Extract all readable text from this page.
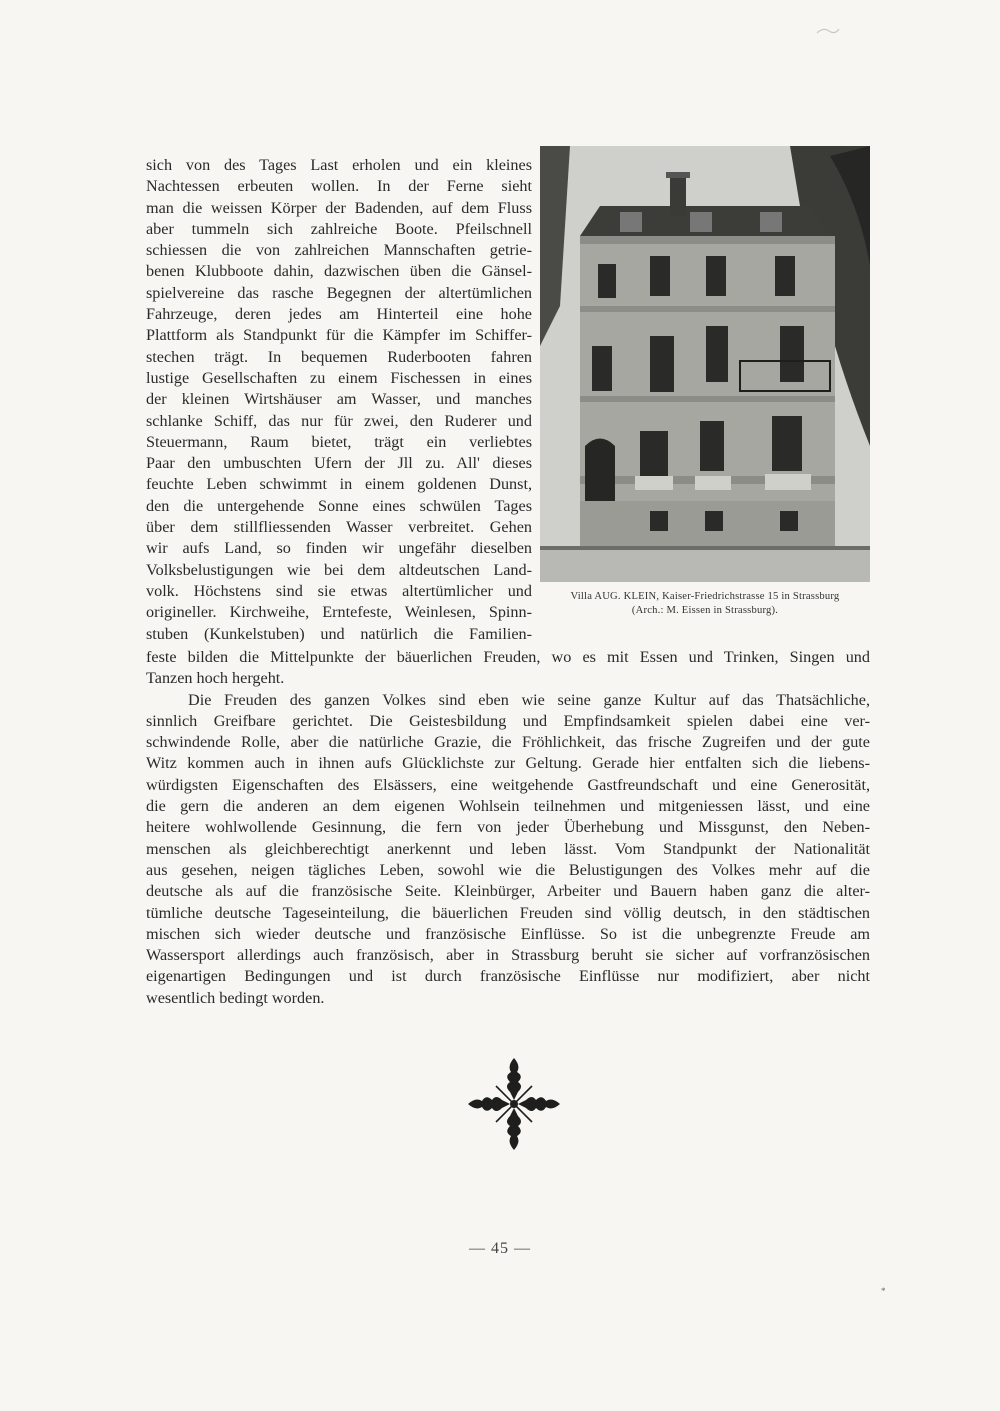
sich von des Tages Last erholen und ein kleines
Nachtessen erbeuten wollen. In der Ferne sieht
man die weissen Körper der Badenden, auf dem Fluss
aber tummeln sich zahlreiche Boote. Pfeilschnell
schiessen die von zahlreichen Mannschaften getrie-
benen Klubboote dahin, dazwischen üben die Gänsel-
spielvereine das rasche Begegnen der altertümlichen
Fahrzeuge, deren jedes am Hinterteil eine hohe
Plattform als Standpunkt für die Kämpfer im Schiffer-
stechen trägt. In bequemen Ruderbooten fahren
lustige Gesellschaften zu einem Fischessen in eines
der kleinen Wirtshäuser am Wasser, und manches
schlanke Schiff, das nur für zwei, den Ruderer und
Steuermann, Raum bietet, trägt ein verliebtes
Paar den umbuschten Ufern der Jll zu. All' dieses
feuchte Leben schwimmt in einem goldenen Dunst,
den die untergehende Sonne eines schwülen Tages
über dem stillfliessenden Wasser verbreitet. Gehen
wir aufs Land, so finden wir ungefähr dieselben
Volksbelustigungen wie bei dem altdeutschen Land-
volk. Höchstens sind sie etwas altertümlicher und
origineller. Kirchweihe, Erntefeste, Weinlesen, Spinn-
stuben (Kunkelstuben) und natürlich die Familien-
Villa AUG. KLEIN, Kaiser-Friedrichstrasse 15 in Strassburg
(Arch.: M. Eissen in Strassburg).

feste bilden die Mittelpunkte der bäuerlichen Freuden, wo es mit Essen und Trinken, Singen und
Tanzen hoch hergeht.

Die Freuden des ganzen Volkes sind eben wie seine ganze Kultur auf das Thatsächliche,
sinnlich Greifbare gerichtet. Die Geistesbildung und Empfindsamkeit spielen dabei eine ver-
schwindende Rolle, aber die natürliche Grazie, die Fröhlichkeit, das frische Zugreifen und der gute
Witz kommen auch in ihnen aufs Glücklichste zur Geltung. Gerade hier entfalten sich die liebens-
würdigsten Eigenschaften des Elsässers, eine weitgehende Gastfreundschaft und eine Generosität,
die gern die anderen an dem eigenen Wohlsein teilnehmen und mitgeniessen lässt, und eine
heitere wohlwollende Gesinnung, die fern von jeder Überhebung und Missgunst, den Neben-
menschen als gleichberechtigt anerkennt und leben lässt. Vom Standpunkt der Nationalität
aus gesehen, neigen tägliches Leben, sowohl wie die Belustigungen des Volkes mehr auf die
deutsche als auf die französische Seite. Kleinbürger, Arbeiter und Bauern haben ganz die alter-
tümliche deutsche Tageseinteilung, die bäuerlichen Freuden sind völlig deutsch, in den städtischen
mischen sich wieder deutsche und französische Einflüsse. So ist die unbegrenzte Freude am
Wassersport allerdings auch französisch, aber in Strassburg beruht sie sicher auf vorfranzösischen
eigenartigen Bedingungen und ist durch französische Einflüsse nur modifiziert, aber nicht
wesentlich bedingt worden.

— 45 —
*
